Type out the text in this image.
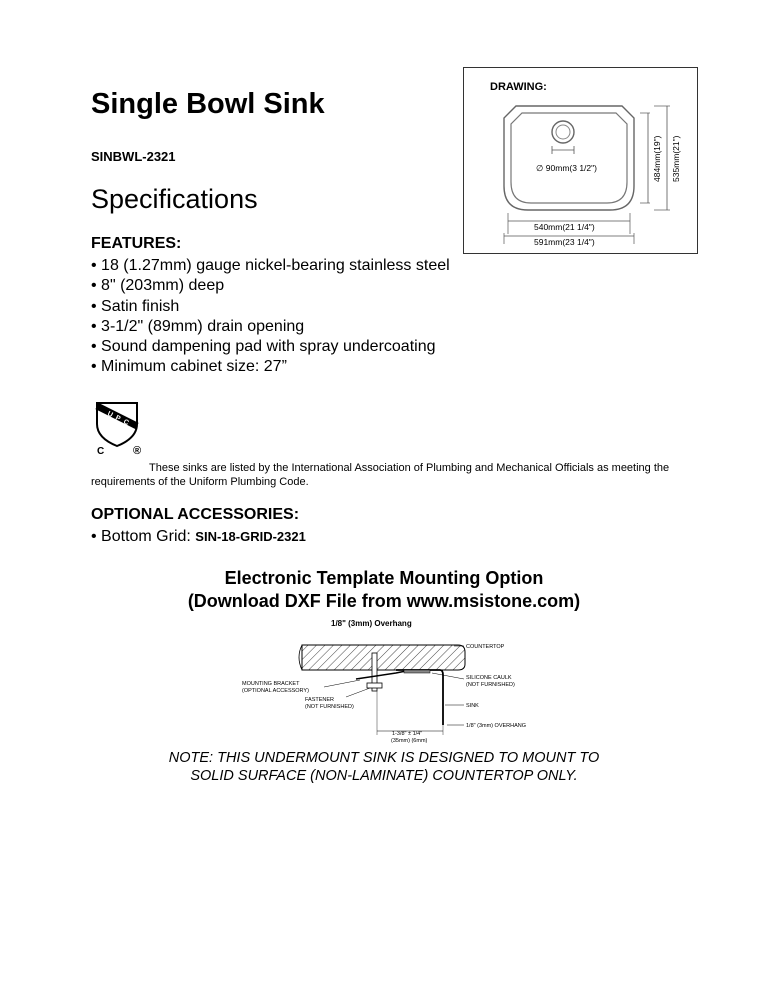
Single Bowl Sink
SINBWL-2321
Specifications
DRAWING:
∅ 90mm(3 1/2")
540mm(21 1/4")
591mm(23 1/4")
484mm(19") 535mm(21")
FEATURES:
• 18 (1.27mm) gauge nickel-bearing stainless steel
• 8" (203mm) deep
• Satin finish
• 3-1/2" (89mm) drain opening
• Sound dampening pad with spray undercoating
• Minimum cabinet size: 27”
U P C
C	®
These sinks are listed by the International Association of Plumbing and Mechanical Officials as meeting the requirements of the Uniform Plumbing Code.
OPTIONAL ACCESSORIES:
• Bottom Grid: SIN-18-GRID-2321
Electronic Template Mounting Option
(Download DXF File from www.msistone.com)
1/8" (3mm) Overhang
COUNTERTOP
SILICONE CAULK
(NOT FURNISHED)
MOUNTING BRACKET
(OPTIONAL ACCESSORY)
FASTENER
(NOT FURNISHED)	SINK
1/8" (3mm) OVERHANG
1-3/8" ± 1/4"
(35mm) (6mm)
NOTE: THIS UNDERMOUNT SINK IS DESIGNED TO MOUNT TO
SOLID SURFACE (NON-LAMINATE) COUNTERTOP ONLY.
